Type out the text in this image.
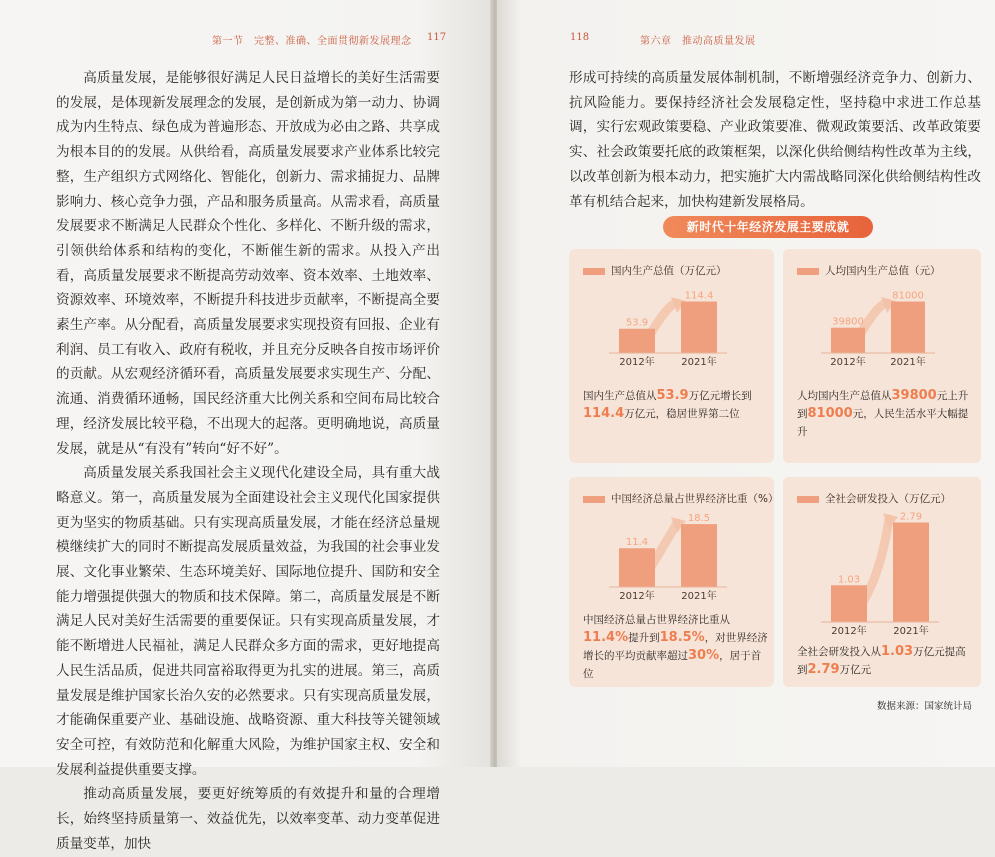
第一节　完整、准确、全面贯彻新发展理念 117

高质量发展，是能够很好满足人民日益增长的美好生活需要的发展，是体现新发展理念的发展，是创新成为第一动力、协调成为内生特点、绿色成为普遍形态、开放成为必由之路、共享成为根本目的的发展。从供给看，高质量发展要求产业体系比较完整，生产组织方式网络化、智能化，创新力、需求捕捉力、品牌影响力、核心竞争力强，产品和服务质量高。从需求看，高质量发展要求不断满足人民群众个性化、多样化、不断升级的需求，引领供给体系和结构的变化，不断催生新的需求。从投入产出看，高质量发展要求不断提高劳动效率、资本效率、土地效率、资源效率、环境效率，不断提升科技进步贡献率，不断提高全要素生产率。从分配看，高质量发展要求实现投资有回报、企业有利润、员工有收入、政府有税收，并且充分反映各自按市场评价的贡献。从宏观经济循环看，高质量发展要求实现生产、分配、流通、消费循环通畅，国民经济重大比例关系和空间布局比较合理，经济发展比较平稳，不出现大的起落。更明确地说，高质量发展，就是从“有没有”转向“好不好”。

高质量发展关系我国社会主义现代化建设全局，具有重大战略意义。第一，高质量发展为全面建设社会主义现代化国家提供更为坚实的物质基础。只有实现高质量发展，才能在经济总量规模继续扩大的同时不断提高发展质量效益，为我国的社会事业发展、文化事业繁荣、生态环境美好、国际地位提升、国防和安全能力增强提供强大的物质和技术保障。第二，高质量发展是不断满足人民对美好生活需要的重要保证。只有实现高质量发展，才能不断增进人民福祉，满足人民群众多方面的需求，更好地提高人民生活品质，促进共同富裕取得更为扎实的进展。第三，高质量发展是维护国家长治久安的必然要求。只有实现高质量发展，才能确保重要产业、基础设施、战略资源、重大科技等关键领域安全可控，有效防范和化解重大风险，为维护国家主权、安全和发展利益提供重要支撑。

推动高质量发展，要更好统筹质的有效提升和量的合理增长，始终坚持质量第一、效益优先，以效率变革、动力变革促进质量变革，加快

118	第六章　推动高质量发展
形成可持续的高质量发展体制机制，不断增强经济竞争力、创新力、抗风险能力。要保持经济社会发展稳定性，坚持稳中求进工作总基调，实行宏观政策要稳、产业政策要准、微观政策要活、改革政策要实、社会政策要托底的政策框架，以深化供给侧结构性改革为主线，以改革创新为根本动力，把实施扩大内需战略同深化供给侧结构性改革有机结合起来，加快构建新发展格局。
新时代十年经济发展主要成就
国内生产总值（万亿元）
53.9
2012年
114.4
2021年
国内生产总值从53.9万亿元增长到114.4万亿元，稳居世界第二位
人均国内生产总值（元）
39800
2012年
81000
2021年
人均国内生产总值从39800元上升到81000元，人民生活水平大幅提升
中国经济总量占世界经济比重（%）
11.4
2012年
18.5
2021年
中国经济总量占世界经济比重从11.4%提升到18.5%，对世界经济增长的平均贡献率超过30%，居于首位
全社会研发投入（万亿元）
1.03
2012年
2.79
2021年
全社会研发投入从1.03万亿元提高到2.79万亿元
数据来源：国家统计局
